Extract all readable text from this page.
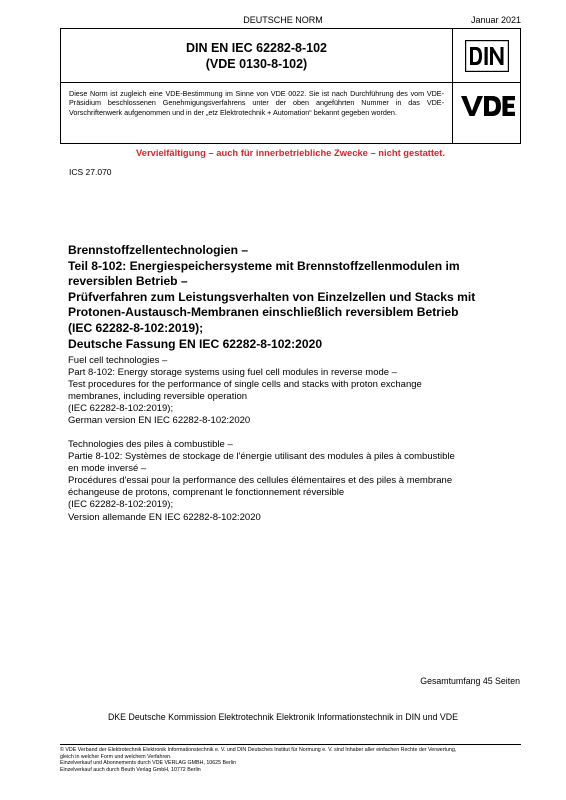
DEUTSCHE NORM	Januar 2021
DIN EN IEC 62282-8-102
(VDE 0130-8-102)
Diese Norm ist zugleich eine VDE-Bestimmung im Sinne von VDE 0022. Sie ist nach Durchführung des vom VDE-Präsidium beschlossenen Genehmigungsverfahrens unter der oben angeführten Nummer in das VDE-Vorschriftenwerk aufgenommen und in der „etz Elektrotechnik + Automation“ bekannt gegeben worden.
Vervielfältigung – auch für innerbetriebliche Zwecke – nicht gestattet.
ICS 27.070
Brennstoffzellentechnologien –
Teil 8-102: Energiespeichersysteme mit Brennstoffzellenmodulen im
reversiblen Betrieb –
Prüfverfahren zum Leistungsverhalten von Einzelzellen und Stacks mit
Protonen-Austausch-Membranen einschließlich reversiblem Betrieb
(IEC 62282-8-102:2019);
Deutsche Fassung EN IEC 62282-8-102:2020
Fuel cell technologies –
Part 8-102: Energy storage systems using fuel cell modules in reverse mode –
Test procedures for the performance of single cells and stacks with proton exchange
membranes, including reversible operation
(IEC 62282-8-102:2019);
German version EN IEC 62282-8-102:2020
Technologies des piles à combustible –
Partie 8-102: Systèmes de stockage de l'énergie utilisant des modules à piles à combustible
en mode inversé –
Procédures d'essai pour la performance des cellules élémentaires et des piles à membrane
échangeuse de protons, comprenant le fonctionnement réversible
(IEC 62282-8-102:2019);
Version allemande EN IEC 62282-8-102:2020
Gesamtumfang 45 Seiten
DKE Deutsche Kommission Elektrotechnik Elektronik Informationstechnik in DIN und VDE
© VDE Verband der Elektrotechnik Elektronik Informationstechnik e. V. und DIN Deutsches Institut für Normung e. V. sind Inhaber aller einfachen Rechte der Verwertung,
gleich in welcher Form und welchem Verfahren.
Einzelverkauf und Abonnements durch VDE VERLAG GMBH, 10625 Berlin
Einzelverkauf auch durch Beuth Verlag GmbH, 10772 Berlin
